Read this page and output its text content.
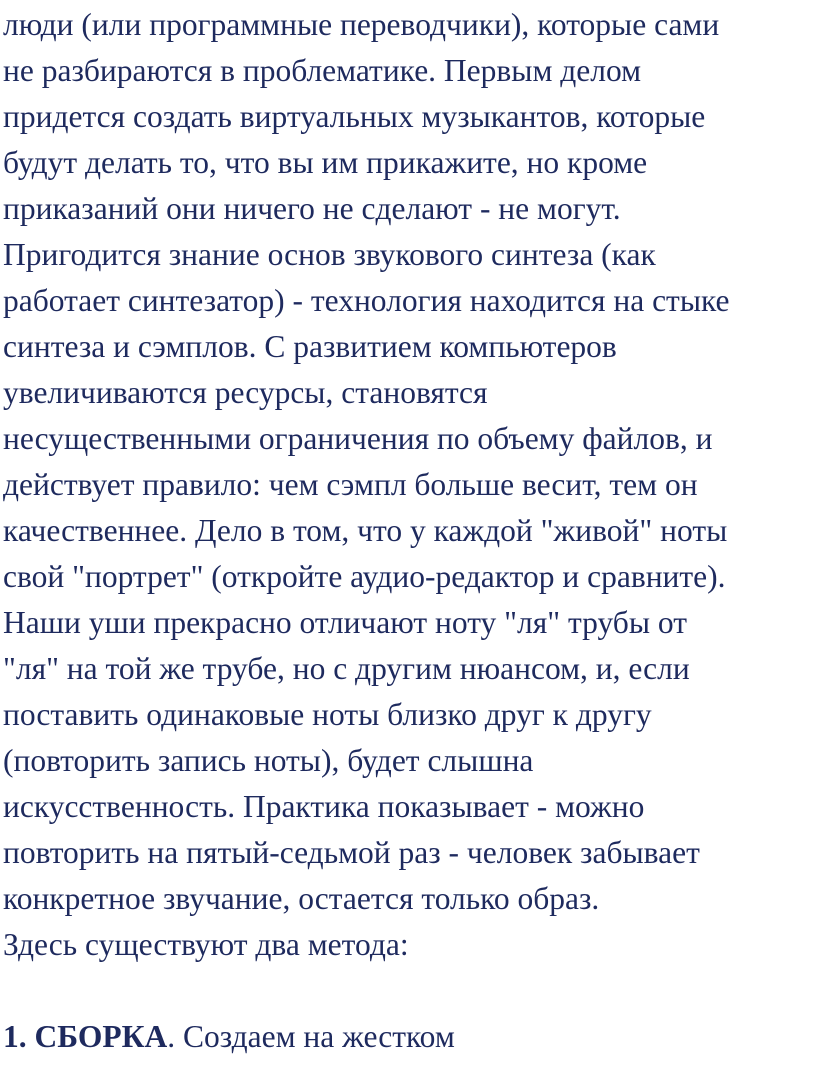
люди (или программные переводчики), которые сами
не разбираются в проблематике. Первым делом
придется создать виртуальных музыкантов, которые
будут делать то, что вы им прикажите, но кроме
приказаний они ничего не сделают - не могут.
Пригодится знание основ звукового синтеза (как
работает синтезатор) - технология находится на стыке
синтеза и сэмплов. С развитием компьютеров
увеличиваются ресурсы, становятся
несущественными ограничения по объему файлов, и
действует правило: чем сэмпл больше весит, тем он
качественнее. Дело в том, что у каждой "живой" ноты
свой "портрет" (откройте аудио-редактор и сравните).
Наши уши прекрасно отличают ноту "ля" трубы от
"ля" на той же трубе, но с другим нюансом, и, если
поставить одинаковые ноты близко друг к другу
(повторить запись ноты), будет слышна
искусственность. Практика показывает - можно
повторить на пятый-седьмой раз - человек забывает
конкретное звучание, остается только образ.
Здесь существуют два метода:
1. СБОРКА. Создаем на жестком
